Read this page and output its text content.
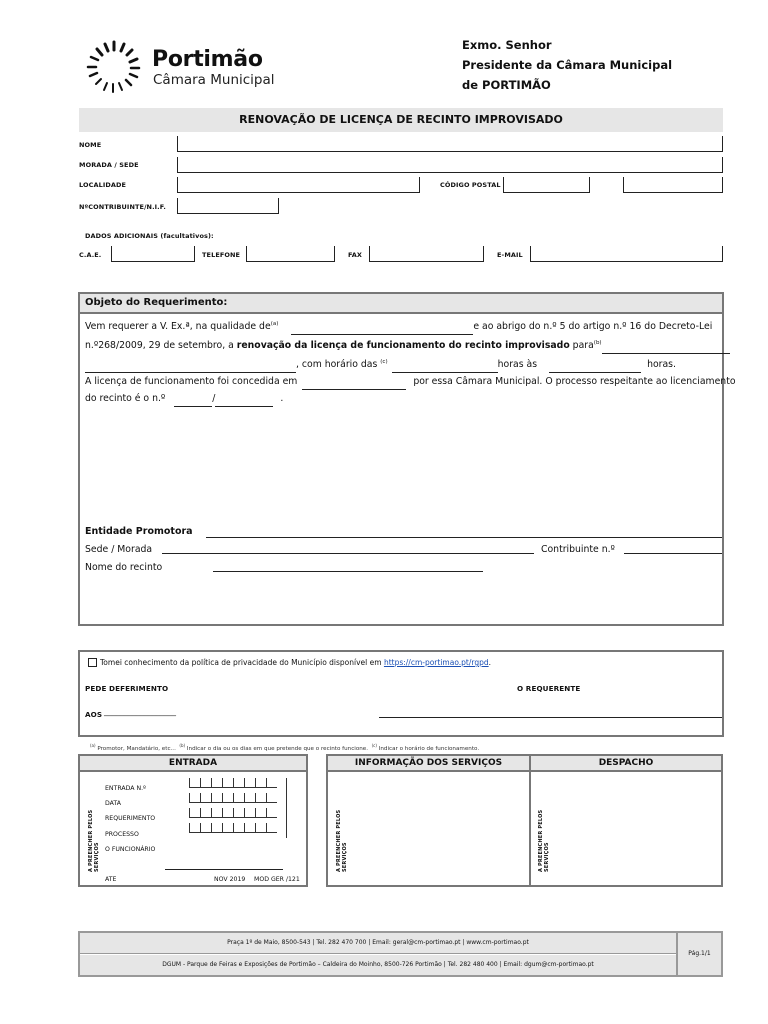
Portimão
Câmara Municipal
Exmo. Senhor
Presidente da Câmara Municipal
de PORTIMÃO
RENOVAÇÃO DE LICENÇA DE RECINTO IMPROVISADO
NOME
MORADA / SEDE
LOCALIDADE	CÓDIGO POSTAL
NºCONTRIBUINTE/N.I.F.
DADOS ADICIONAIS (facultativos):
C.A.E.	TELEFONE	FAX	E-MAIL
Objeto do Requerimento:
Vem requerer a V. Ex.ª, na qualidade $de^{(a)}$	e ao abrigo do n.º 5 do artigo n.º 16 do Decreto-Lei
n.º268/2009, 29 de setembro, a renovação da licença de funcionamento do recinto improvisado para$^{(b)}$
, com horário das $^{(c)}$	horas às	horas.
A licença de funcionamento foi concedida em	por essa Câmara Municipal. O processo respeitante ao licenciamento
do recinto é o n.º	/	.
Entidade Promotora
Sede / Morada	Contribuinte n.º
Nome do recinto
Tomei conhecimento da política de privacidade do Município disponível em https://cm-portimao.pt/rgpd.
PEDE DEFERIMENTO	O REQUERENTE
AOS __________________
$^{(a)}$ Promotor, Mandatário, etc...  $^{(b)}$ Indicar o dia ou os dias em que pretende que o recinto funcione.  $^{(c)}$ Indicar o horário de funcionamento.
ENTRADA
A PREENCHER PELOS SERVIÇOS
ENTRADA N.º
DATA
REQUERIMENTO
PROCESSO
O FUNCIONÁRIO
ATE	NOV 2019 MOD GER /121
INFORMAÇÃO DOS SERVIÇOS	DESPACHO
A PREENCHER PELOS SERVIÇOS	A PREENCHER PELOS SERVIÇOS
Praça 1º de Maio, 8500-543 | Tel. 282 470 700 | Email: geral@cm-portimao.pt | www.cm-portimao.pt
DGUM - Parque de Feiras e Exposições de Portimão – Caldeira do Moinho, 8500-726 Portimão | Tel. 282 480 400 | Email: dgum@cm-portimao.pt
Pág.1/1
